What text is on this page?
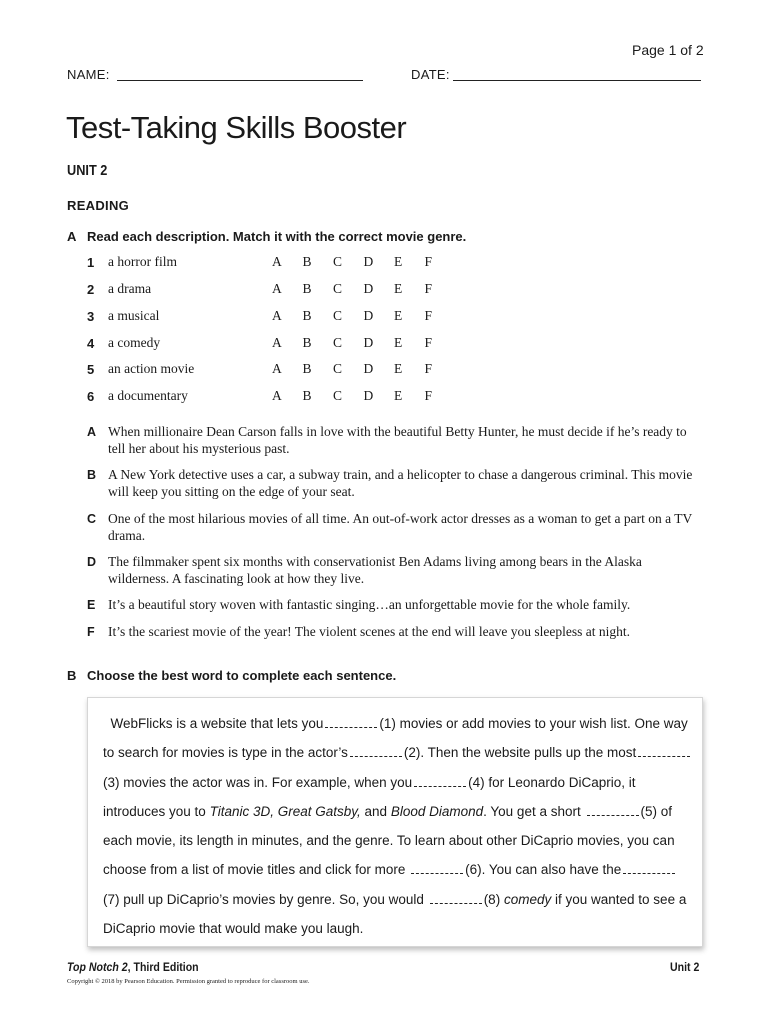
Page 1 of 2
NAME:	DATE:
Test-Taking Skills Booster
UNIT 2
READING
A Read each description. Match it with the correct movie genre.
1	a horror film	A	B	C	D	E	F
2	a drama	A	B	C	D	E	F
3	a musical	A	B	C	D	E	F
4	a comedy	A	B	C	D	E	F
5	an action movie	A	B	C	D	E	F
6	a documentary	A	B	C	D	E	F
A When millionaire Dean Carson falls in love with the beautiful Betty Hunter, he must decide if he’s ready to tell her about his mysterious past.
B A New York detective uses a car, a subway train, and a helicopter to chase a dangerous criminal. This movie will keep you sitting on the edge of your seat.
C One of the most hilarious movies of all time. An out-of-work actor dresses as a woman to get a part on a TV drama.
D The filmmaker spent six months with conservationist Ben Adams living among bears in the Alaska wilderness. A fascinating look at how they live.
E It’s a beautiful story woven with fantastic singing…an unforgettable movie for the whole family.
F It’s the scariest movie of the year! The violent scenes at the end will leave you sleepless at night.
B Choose the best word to complete each sentence.
WebFlicks is a website that lets you	(1) movies or add movies to your wish list. One way to search for movies is type in the actor’s	(2). Then the website pulls up the most(3) movies the actor was in. For example, when you	(4) for Leonardo DiCaprio, it introduces you to Titanic 3D, Great Gatsby, and Blood Diamond. You get a short	(5) of each movie, its length in minutes, and the genre. To learn about other DiCaprio movies, you can choose from a list of movie titles and click for more	(6). You can also have the(7) pull up DiCaprio’s movies by genre. So, you would	(8) comedy if you wanted to see a DiCaprio movie that would make you laugh.
Top Notch 2, Third Edition	Unit 2
Copyright © 2018 by Pearson Education. Permission granted to reproduce for classroom use.
